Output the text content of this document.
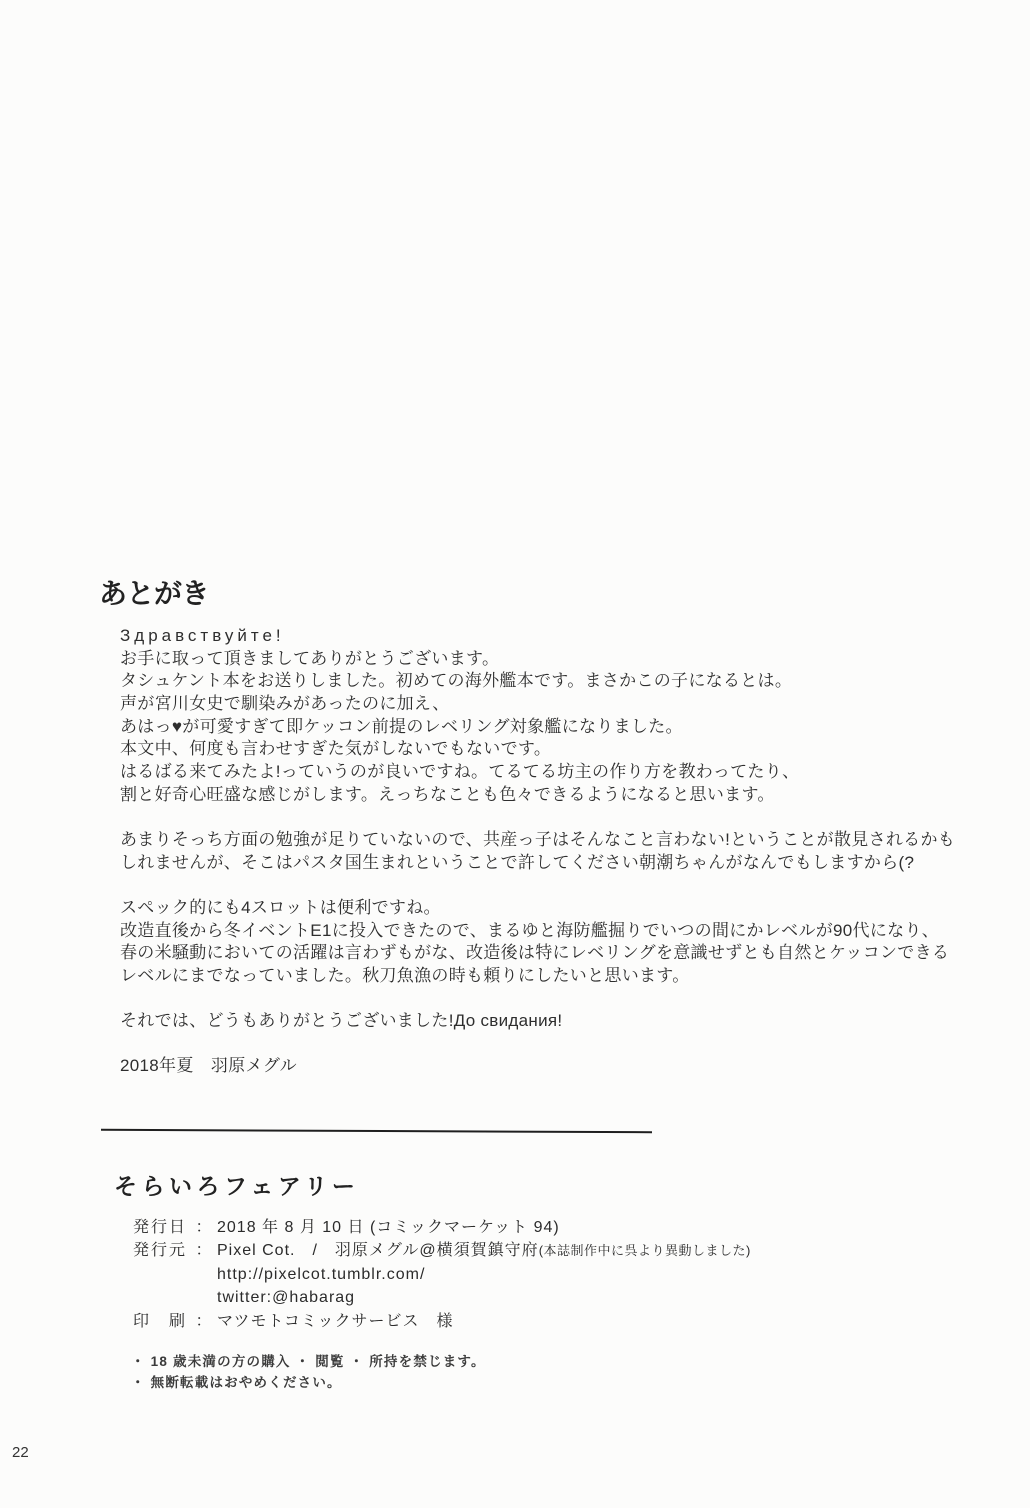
あとがき
Здравствуйте!
お手に取って頂きましてありがとうございます。
タシュケント本をお送りしました。初めての海外艦本です。まさかこの子になるとは。
声が宮川女史で馴染みがあったのに加え、
あはっ♥が可愛すぎて即ケッコン前提のレベリング対象艦になりました。
本文中、何度も言わせすぎた気がしないでもないです。
はるばる来てみたよ!っていうのが良いですね。てるてる坊主の作り方を教わってたり、
割と好奇心旺盛な感じがします。えっちなことも色々できるようになると思います。
あまりそっち方面の勉強が足りていないので、共産っ子はそんなこと言わない!ということが散見されるかも
しれませんが、そこはパスタ国生まれということで許してください朝潮ちゃんがなんでもしますから(?
スペック的にも4スロットは便利ですね。
改造直後から冬イベントE1に投入できたので、まるゆと海防艦掘りでいつの間にかレベルが90代になり、
春の米騒動においての活躍は言わずもがな、改造後は特にレベリングを意識せずとも自然とケッコンできる
レベルにまでなっていました。秋刀魚漁の時も頼りにしたいと思います。
それでは、どうもありがとうございました!До свидания!
2018年夏　羽原メグル
そらいろフェアリー
発行日 ： 2018 年 8 月 10 日 (コミックマーケット 94)
発行元 ： Pixel Cot.　/　羽原メグル@横須賀鎮守府 (本誌制作中に呉より異動しました)
http://pixelcot.tumblr.com/
twitter:@habarag
印　刷 ： マツモトコミックサービス　様
・ 18 歳未満の方の購入 ・ 閲覧 ・ 所持を禁じます。
・ 無断転載はおやめください。
22
